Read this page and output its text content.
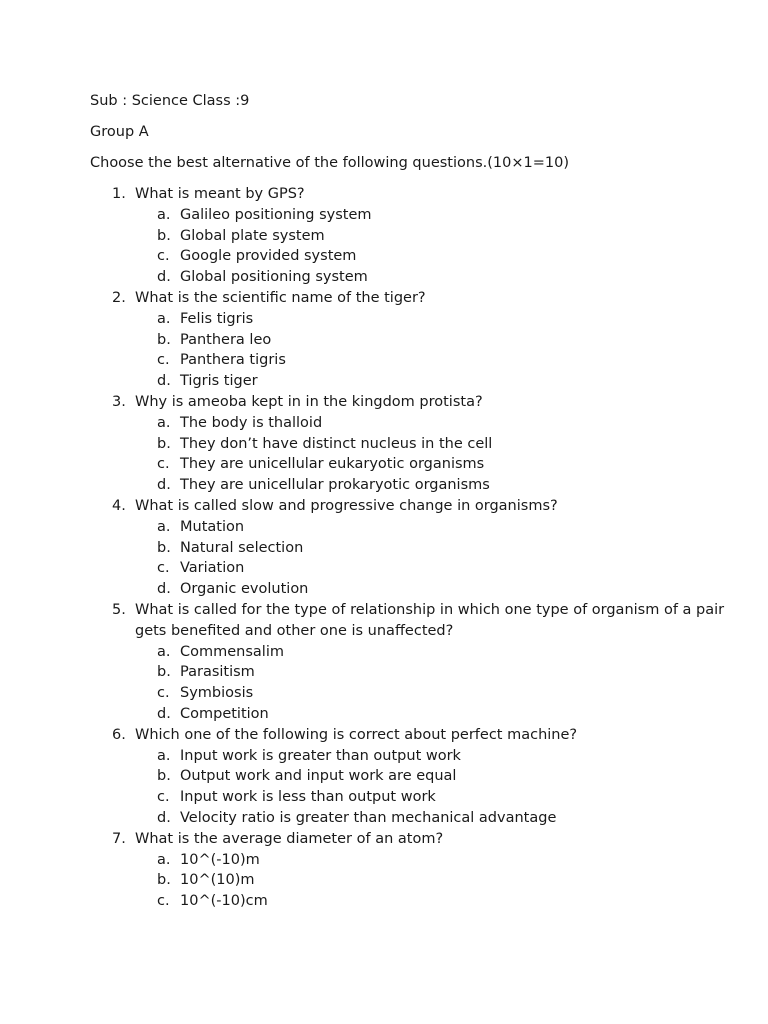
Sub : Science Class :9

Group A

Choose the best alternative of the following questions.(10×1=10)

1. What is meant by GPS?
a. Galileo positioning system
b. Global plate system
c. Google provided system
d. Global positioning system
2. What is the scientific name of the tiger?
a. Felis tigris
b. Panthera leo
c. Panthera tigris
d. Tigris tiger
3. Why is ameoba kept in in the kingdom protista?
a. The body is thalloid
b. They don’t have distinct nucleus in the cell
c. They are unicellular eukaryotic organisms
d. They are unicellular prokaryotic organisms
4. What is called slow and progressive change in organisms?
a. Mutation
b. Natural selection
c. Variation
d. Organic evolution
5. What is called for the type of relationship in which one type of organism of a pair gets benefited and other one is unaffected?
a. Commensalim
b. Parasitism
c. Symbiosis
d. Competition
6. Which one of the following is correct about perfect machine?
a. Input work is greater than output work
b. Output work and input work are equal
c. Input work is less than output work
d. Velocity ratio is greater than mechanical advantage
7. What is the average diameter of an atom?
a. 10^(-10)m
b. 10^(10)m
c. 10^(-10)cm
